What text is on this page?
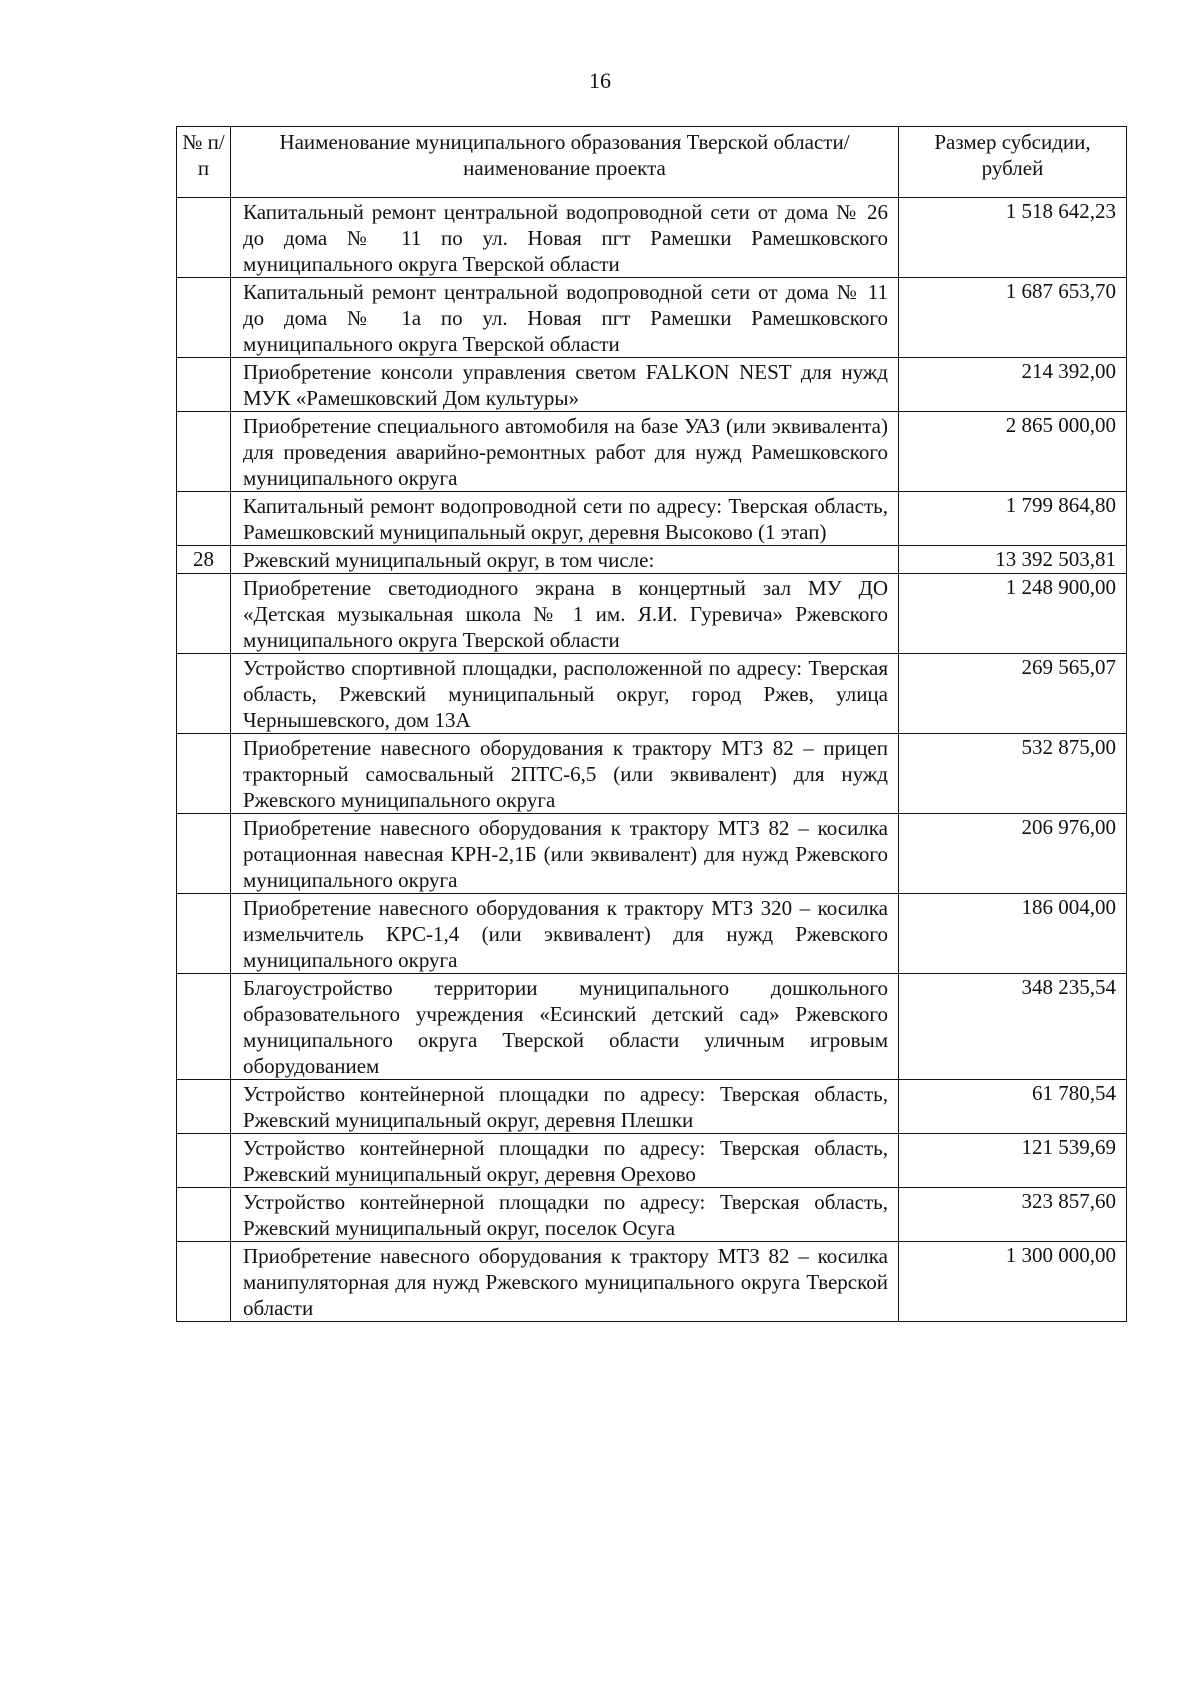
16
№ п/п	Наименование муниципального образования Тверской области/наименование проекта	Размер субсидии, рублей

	Капитальный ремонт центральной водопроводной сети от дома № 26 до дома № 11 по ул. Новая пгт Рамешки Рамешковского муниципального округа Тверской области	1 518 642,23

	Капитальный ремонт центральной водопроводной сети от дома № 11 до дома № 1а по ул. Новая пгт Рамешки Рамешковского муниципального округа Тверской области	1 687 653,70

	Приобретение консоли управления светом FALKON NEST для нужд МУК «Рамешковский Дом культуры»	214 392,00

	Приобретение специального автомобиля на базе УАЗ (или эквивалента) для проведения аварийно-ремонтных работ для нужд Рамешковского муниципального округа	2 865 000,00

	Капитальный ремонт водопроводной сети по адресу: Тверская область, Рамешковский муниципальный округ, деревня Высоково (1 этап)	1 799 864,80

28	Ржевский муниципальный округ, в том числе:	13 392 503,81

	Приобретение светодиодного экрана в концертный зал МУ ДО «Детская музыкальная школа № 1 им. Я.И. Гуревича» Ржевского муниципального округа Тверской области	1 248 900,00

	Устройство спортивной площадки, расположенной по адресу: Тверская область, Ржевский муниципальный округ, город Ржев, улица Чернышевского, дом 13А	269 565,07

	Приобретение навесного оборудования к трактору МТЗ 82 – прицеп тракторный самосвальный 2ПТС-6,5 (или эквивалент) для нужд Ржевского муниципального округа	532 875,00

	Приобретение навесного оборудования к трактору МТЗ 82 – косилка ротационная навесная КРН-2,1Б (или эквивалент) для нужд Ржевского муниципального округа	206 976,00

	Приобретение навесного оборудования к трактору МТЗ 320 – косилка измельчитель КРС-1,4 (или эквивалент) для нужд Ржевского муниципального округа	186 004,00

	Благоустройство территории муниципального дошкольного образовательного учреждения «Есинский детский сад» Ржевского муниципального округа Тверской области уличным игровым оборудованием	348 235,54

	Устройство контейнерной площадки по адресу: Тверская область, Ржевский муниципальный округ, деревня Плешки	61 780,54

	Устройство контейнерной площадки по адресу: Тверская область, Ржевский муниципальный округ, деревня Орехово	121 539,69

	Устройство контейнерной площадки по адресу: Тверская область, Ржевский муниципальный округ, поселок Осуга	323 857,60

	Приобретение навесного оборудования к трактору МТЗ 82 – косилка манипуляторная для нужд Ржевского муниципального округа Тверской области	1 300 000,00
